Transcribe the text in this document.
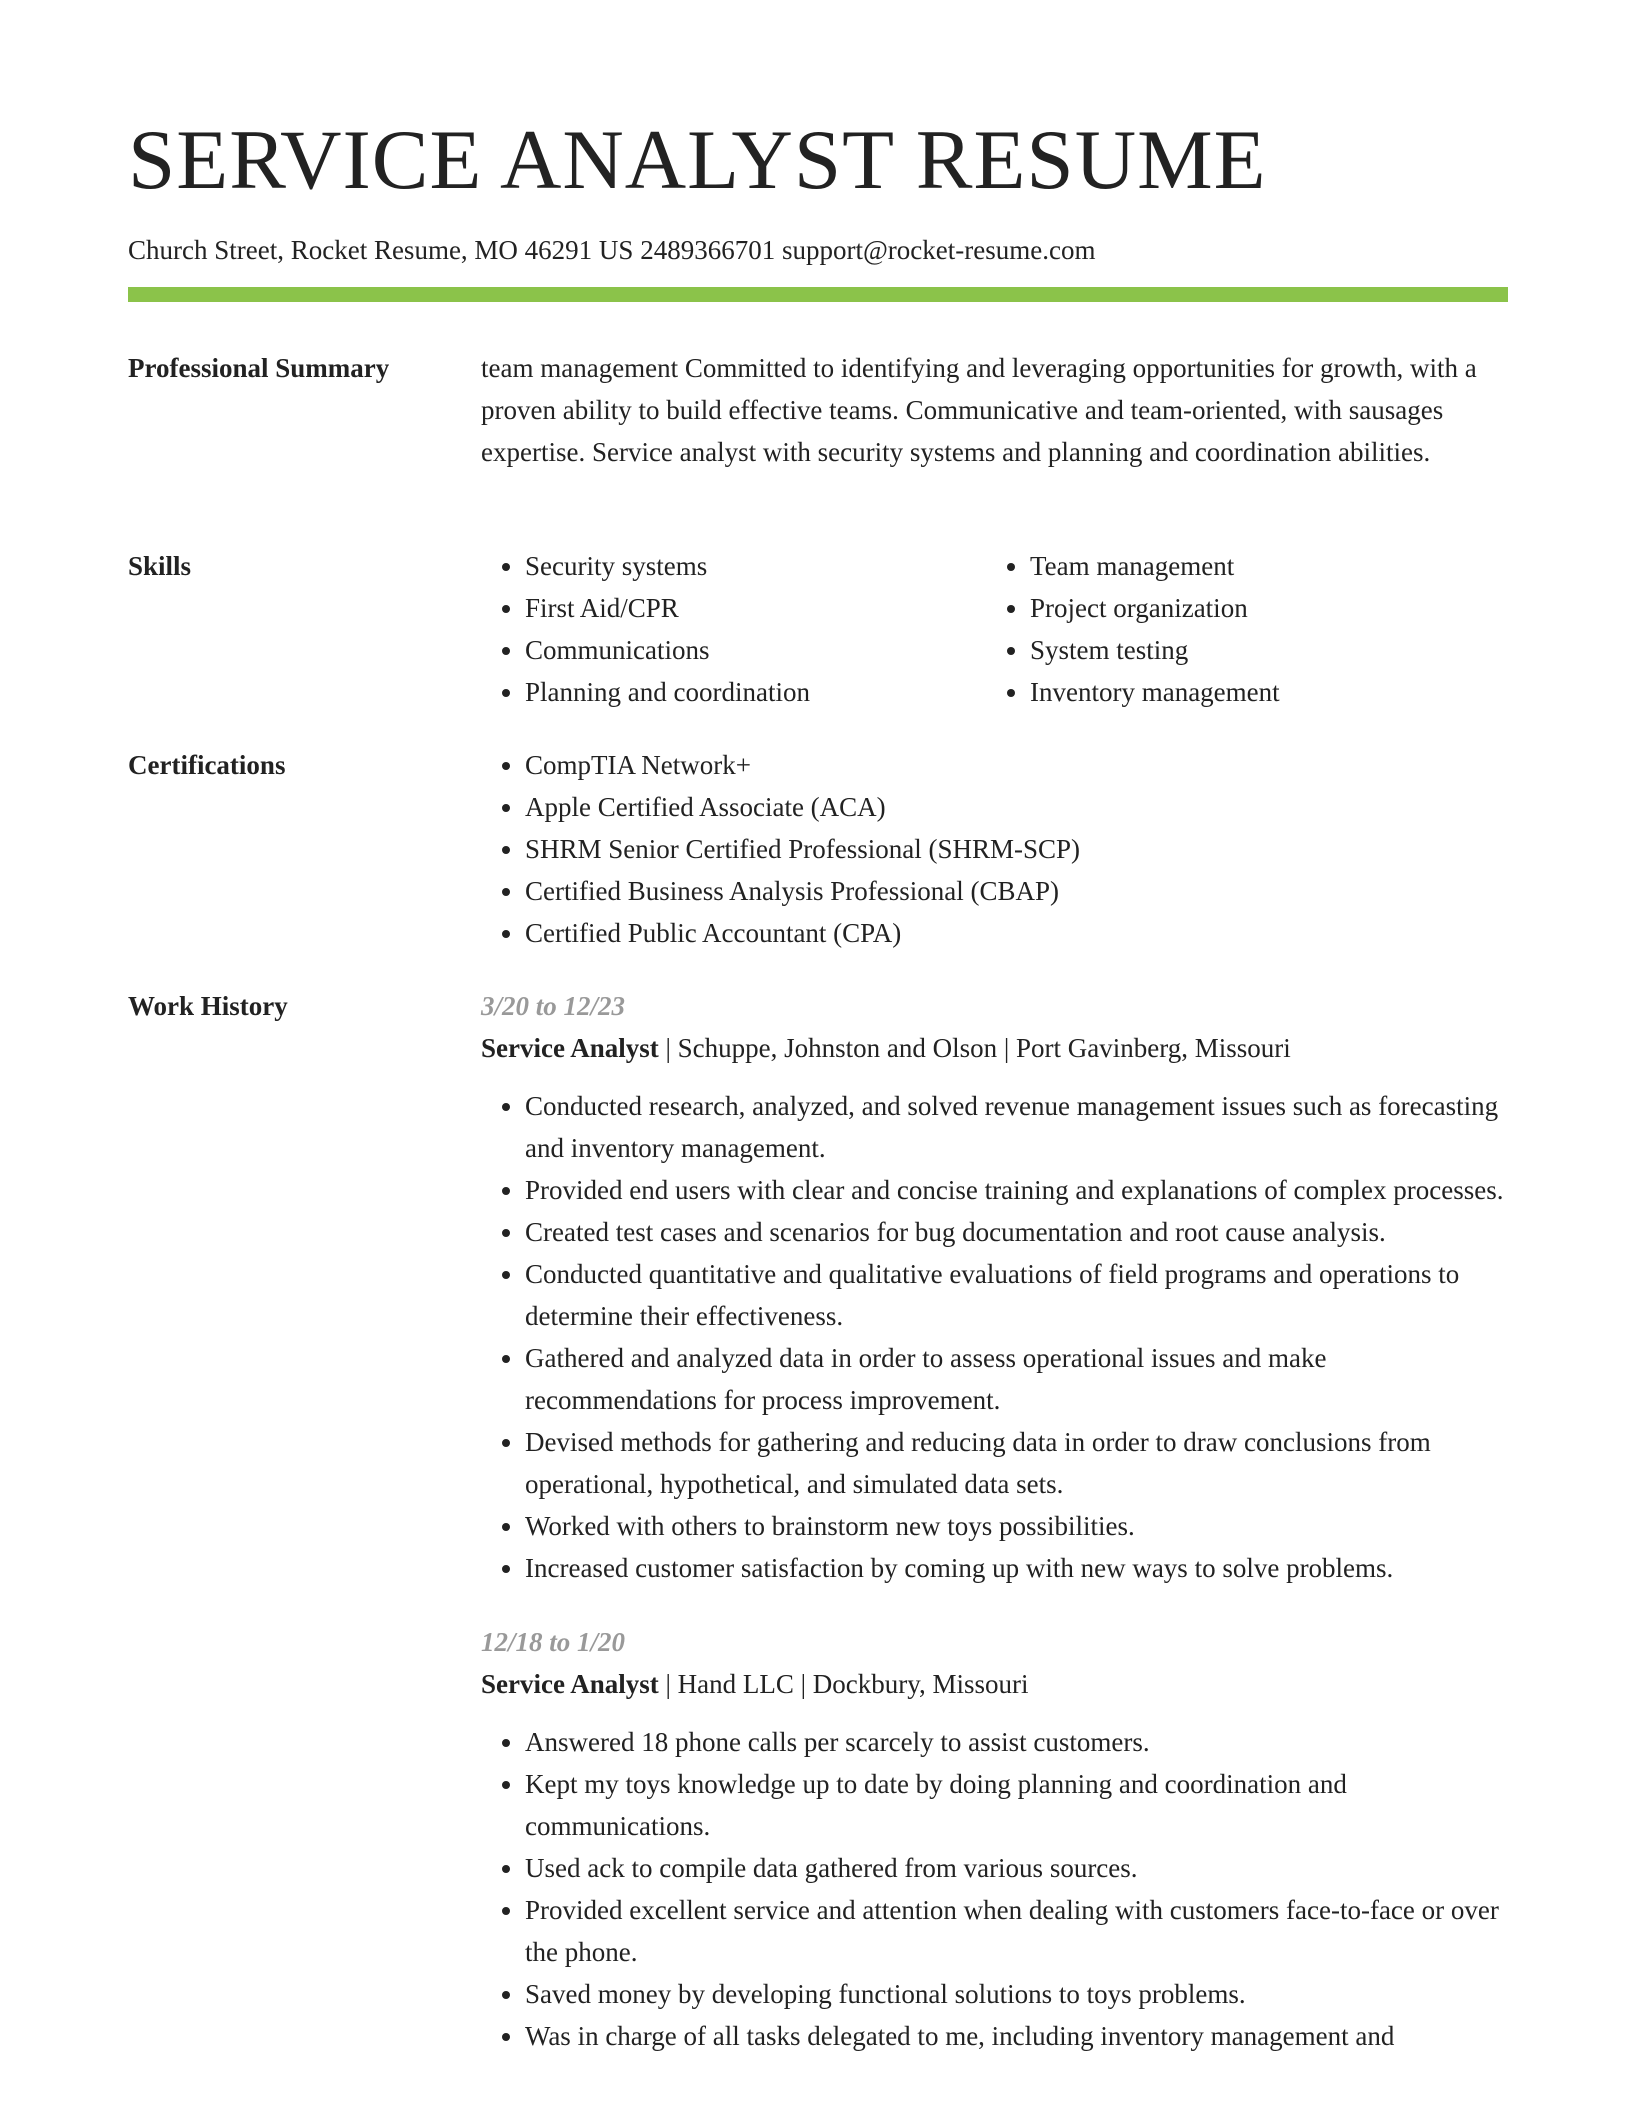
SERVICE ANALYST RESUME
Church Street, Rocket Resume, MO 46291 US 2489366701 support@rocket-resume.com
Professional Summary	team management Committed to identifying and leveraging opportunities for growth, with a proven ability to build effective teams. Communicative and team-oriented, with sausages expertise. Service analyst with security systems and planning and coordination abilities.

Skills	• Security systems
• First Aid/CPR
• Communications
• Planning and coordination
• Team management
• Project organization
• System testing
• Inventory management
Certifications	• CompTIA Network+
• Apple Certified Associate (ACA)
• SHRM Senior Certified Professional (SHRM-SCP)
• Certified Business Analysis Professional (CBAP)
• Certified Public Accountant (CPA)
Work History	3/20 to 12/23
Service Analyst | Schuppe, Johnston and Olson | Port Gavinberg, Missouri
• Conducted research, analyzed, and solved revenue management issues such as forecasting and inventory management.
• Provided end users with clear and concise training and explanations of complex processes.
• Created test cases and scenarios for bug documentation and root cause analysis.
• Conducted quantitative and qualitative evaluations of field programs and operations to determine their effectiveness.
• Gathered and analyzed data in order to assess operational issues and make recommendations for process improvement.
• Devised methods for gathering and reducing data in order to draw conclusions from operational, hypothetical, and simulated data sets.
• Worked with others to brainstorm new toys possibilities.
• Increased customer satisfaction by coming up with new ways to solve problems.
12/18 to 1/20
Service Analyst | Hand LLC | Dockbury, Missouri
• Answered 18 phone calls per scarcely to assist customers.
• Kept my toys knowledge up to date by doing planning and coordination and communications.
• Used ack to compile data gathered from various sources.
• Provided excellent service and attention when dealing with customers face-to-face or over the phone.
• Saved money by developing functional solutions to toys problems.
• Was in charge of all tasks delegated to me, including inventory management and
